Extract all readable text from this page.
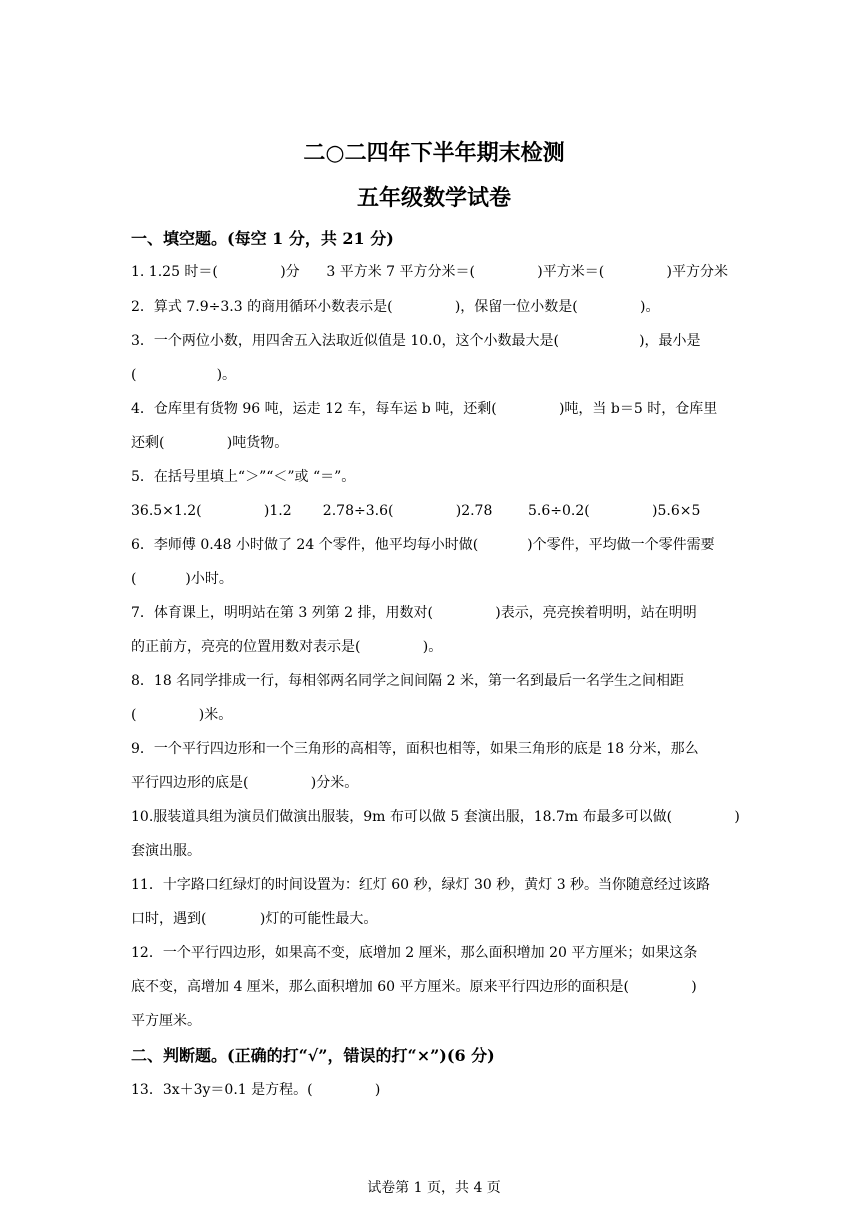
二○二四年下半年期末检测
五年级数学试卷
一、填空题。(每空 1 分，共 21 分)
1. 1.25 时＝(              )分      3 平方米 7 平方分米＝(              )平方米＝(              )平方分米
2．算式 7.9÷3.3 的商用循环小数表示是(              )，保留一位小数是(              )。
3．一个两位小数，用四舍五入法取近似值是 10.0，这个小数最大是(                  )，最小是
(                  )。
4．仓库里有货物 96 吨，运走 12 车，每车运 b 吨，还剩(              )吨，当 b＝5 时，仓库里
还剩(              )吨货物。
5．在括号里填上“＞”“＜”或 “＝”。
36.5×1.2(              )1.2       2.78÷3.6(              )2.78        5.6÷0.2(              )5.6×5
6．李师傅 0.48 小时做了 24 个零件，他平均每小时做(           )个零件，平均做一个零件需要
(           )小时。
7．体育课上，明明站在第 3 列第 2 排，用数对(              )表示，亮亮挨着明明，站在明明
的正前方，亮亮的位置用数对表示是(              )。
8．18 名同学排成一行，每相邻两名同学之间间隔 2 米，第一名到最后一名学生之间相距
(              )米。
9．一个平行四边形和一个三角形的高相等，面积也相等，如果三角形的底是 18 分米，那么
平行四边形的底是(              )分米。
10.服装道具组为演员们做演出服装，9m 布可以做 5 套演出服，18.7m 布最多可以做(              )
套演出服。
11．十字路口红绿灯的时间设置为：红灯 60 秒，绿灯 30 秒，黄灯 3 秒。当你随意经过该路
口时，遇到(            )灯的可能性最大。
12．一个平行四边形，如果高不变，底增加 2 厘米，那么面积增加 20 平方厘米；如果这条
底不变，高增加 4 厘米，那么面积增加 60 平方厘米。原来平行四边形的面积是(              )
平方厘米。
二、判断题。(正确的打“√”，错误的打“×”)(6 分)
13．3x＋3y＝0.1 是方程。(              )
试卷第 1 页，共 4 页
